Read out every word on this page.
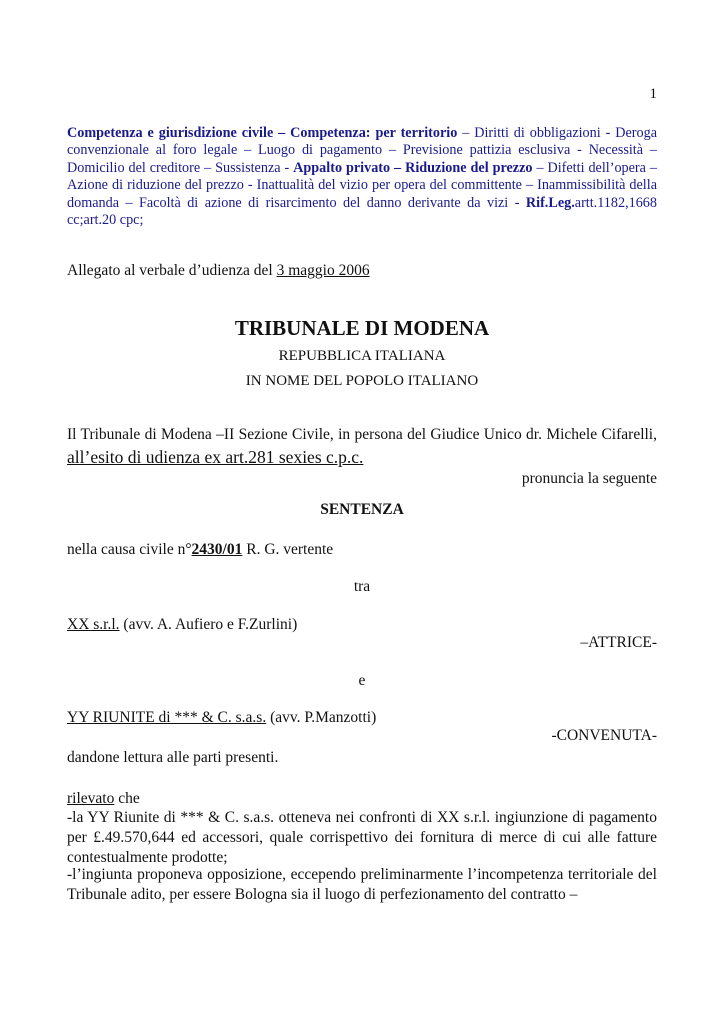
1
Competenza e giurisdizione civile – Competenza: per territorio – Diritti di obbligazioni - Deroga convenzionale al foro legale – Luogo di pagamento – Previsione pattizia esclusiva - Necessità – Domicilio del creditore – Sussistenza - Appalto privato – Riduzione del prezzo – Difetti dell’opera – Azione di riduzione del prezzo - Inattualità del vizio per opera del committente – Inammissibilità della domanda – Facoltà di azione di risarcimento del danno derivante da vizi - Rif.Leg.artt.1182,1668 cc;art.20 cpc;
Allegato al verbale d’udienza del 3 maggio 2006
TRIBUNALE DI MODENA
REPUBBLICA ITALIANA
IN NOME DEL POPOLO ITALIANO
Il Tribunale di Modena –II Sezione Civile, in persona del Giudice Unico dr. Michele Cifarelli, all’esito di udienza ex art.281 sexies c.p.c.
pronuncia la seguente
SENTENZA
nella causa civile n°2430/01 R. G. vertente
tra
XX s.r.l. (avv. A. Aufiero e F.Zurlini)
–ATTRICE-
e
YY RIUNITE di *** & C. s.a.s. (avv. P.Manzotti)
-CONVENUTA-
dandone lettura alle parti presenti.
rilevato che
-la YY Riunite di *** & C. s.a.s. otteneva nei confronti di XX s.r.l. ingiunzione di pagamento per £.49.570,644 ed accessori, quale corrispettivo dei fornitura di merce di cui alle fatture contestualmente prodotte;
-l’ingiunta proponeva opposizione, eccependo preliminarmente l’incompetenza territoriale del Tribunale adito, per essere Bologna sia il luogo di perfezionamento del contratto –
